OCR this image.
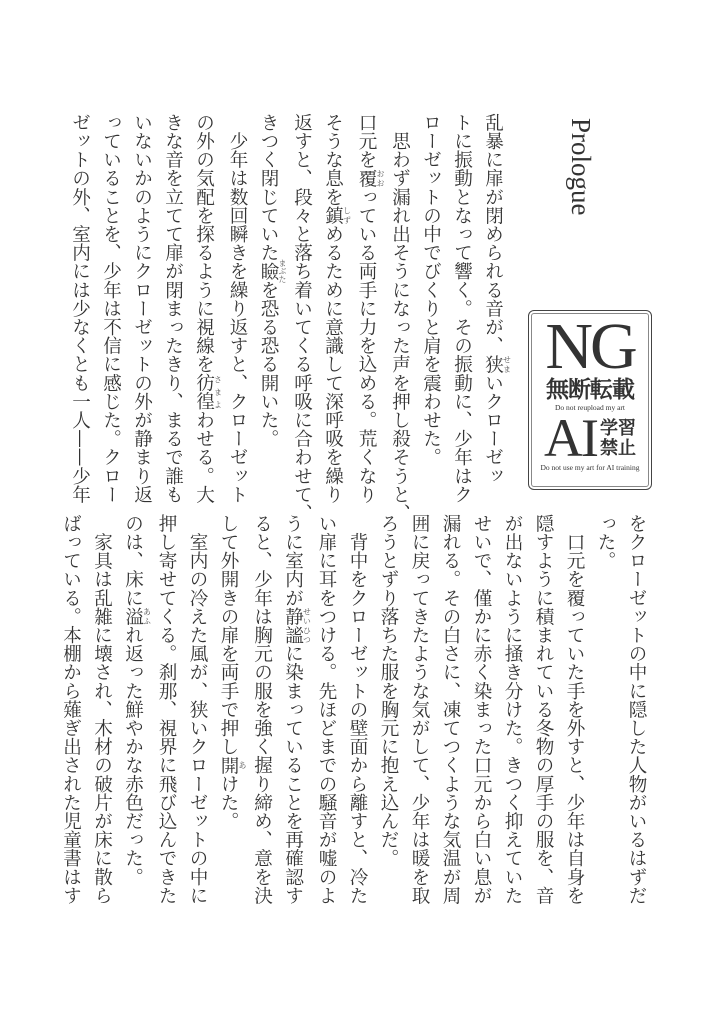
Prologue
NG
無断転載
Do not reupload my art
AI 学習
禁止
Do not use my art for AI training
乱暴に扉が閉められる音が、狭 せまいクローゼッ
トに振動となって響く。その振動に、少年はク
ローゼットの中でびくりと肩を震わせた。
　思わず漏れ出そうになった声を押し殺そうと、
口元を覆 おおっている両手に力を込める。荒くなり
そうな息を鎮 しずめるために意識して深呼吸を繰り
返すと、段々と落ち着いてくる呼吸に合わせて、
きつく閉じていた瞼 まぶたを恐る恐る開いた。
　少年は数回瞬きを繰り返すと、クローゼット
の外の気配を探るように視線を彷徨 さまよわせる。大
きな音を立てて扉が閉まったきり、まるで誰も
いないかのようにクローゼットの外が静まり返
っていることを、少年は不信に感じた。クロー
ゼットの外、室内には少なくとも一人——少年
をクローゼットの中に隠した人物がいるはずだ
った。
　口元を覆っていた手を外すと、少年は自身を
隠すように積まれている冬物の厚手の服を、音
が出ないように掻き分けた。きつく抑えていた
せいで、僅かに赤く染まった口元から白い息が
漏れる。その白さに、凍てつくような気温が周
囲に戻ってきたような気がして、少年は暖を取
ろうとずり落ちた服を胸元に抱え込んだ。
　背中をクローゼットの壁面から離すと、冷た
い扉に耳をつける。先ほどまでの騒音が嘘のよ
うに室内が静謐 せいひつに染まっていることを再確認す
ると、少年は胸元の服を強く握り締め、意を決
して外開きの扉を両手で押し開 あけた。
　室内の冷えた風が、狭いクローゼットの中に
押し寄せてくる。刹那、視界に飛び込んできた
のは、床に溢 あふれ返った鮮やかな赤色だった。
　家具は乱雑に壊され、木材の破片が床に散ら
ばっている。本棚から薙ぎ出された児童書はす
